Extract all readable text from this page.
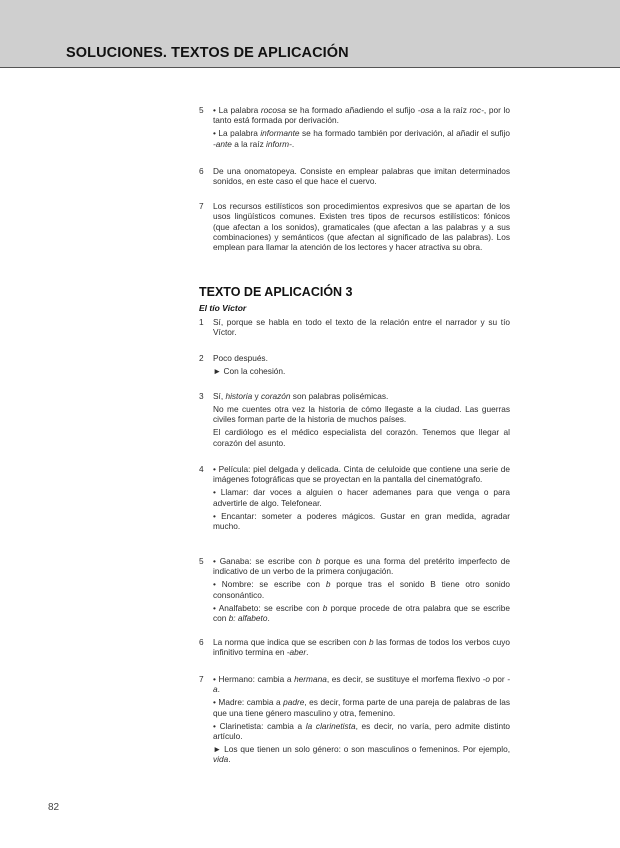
SOLUCIONES. TEXTOS DE APLICACIÓN
5 • La palabra rocosa se ha formado añadiendo el sufijo -osa a la raíz roc-, por lo tanto está formada por derivación.

• La palabra informante se ha formado también por derivación, al añadir el sufijo -ante a la raíz inform-.

6 De una onomatopeya. Consiste en emplear palabras que imitan determinados sonidos, en este caso el que hace el cuervo.

7 Los recursos estilísticos son procedimientos expresivos que se apartan de los usos lingüísticos comunes. Existen tres tipos de recursos estilísticos: fónicos (que afectan a los sonidos), gramaticales (que afectan a las palabras y a sus combinaciones) y semánticos (que afectan al significado de las palabras). Los emplean para llamar la atención de los lectores y hacer atractiva su obra.

TEXTO DE APLICACIÓN 3
El tío Víctor
1 Sí, porque se habla en todo el texto de la relación entre el narrador y su tío Víctor.

2 Poco después.

► Con la cohesión.

3 Sí, historia y corazón son palabras polisémicas.

No me cuentes otra vez la historia de cómo llegaste a la ciudad. Las guerras civiles forman parte de la historia de muchos países.

El cardiólogo es el médico especialista del corazón. Tenemos que llegar al corazón del asunto.

4 • Película: piel delgada y delicada. Cinta de celuloide que contiene una serie de imágenes fotográficas que se proyectan en la pantalla del cinematógrafo.

• Llamar: dar voces a alguien o hacer ademanes para que venga o para advertirle de algo. Telefonear.

• Encantar: someter a poderes mágicos. Gustar en gran medida, agradar mucho.

5 • Ganaba: se escribe con b porque es una forma del pretérito imperfecto de indicativo de un verbo de la primera conjugación.

• Nombre: se escribe con b porque tras el sonido B tiene otro sonido consonántico.

• Analfabeto: se escribe con b porque procede de otra palabra que se escribe con b: alfabeto.

6 La norma que indica que se escriben con b las formas de todos los verbos cuyo infinitivo termina en -aber.

7 • Hermano: cambia a hermana, es decir, se sustituye el morfema flexivo -o por -a.

• Madre: cambia a padre, es decir, forma parte de una pareja de palabras de las que una tiene género masculino y otra, femenino.

• Clarinetista: cambia a la clarinetista, es decir, no varía, pero admite distinto artículo.

► Los que tienen un solo género: o son masculinos o femeninos. Por ejemplo, vida.

82
